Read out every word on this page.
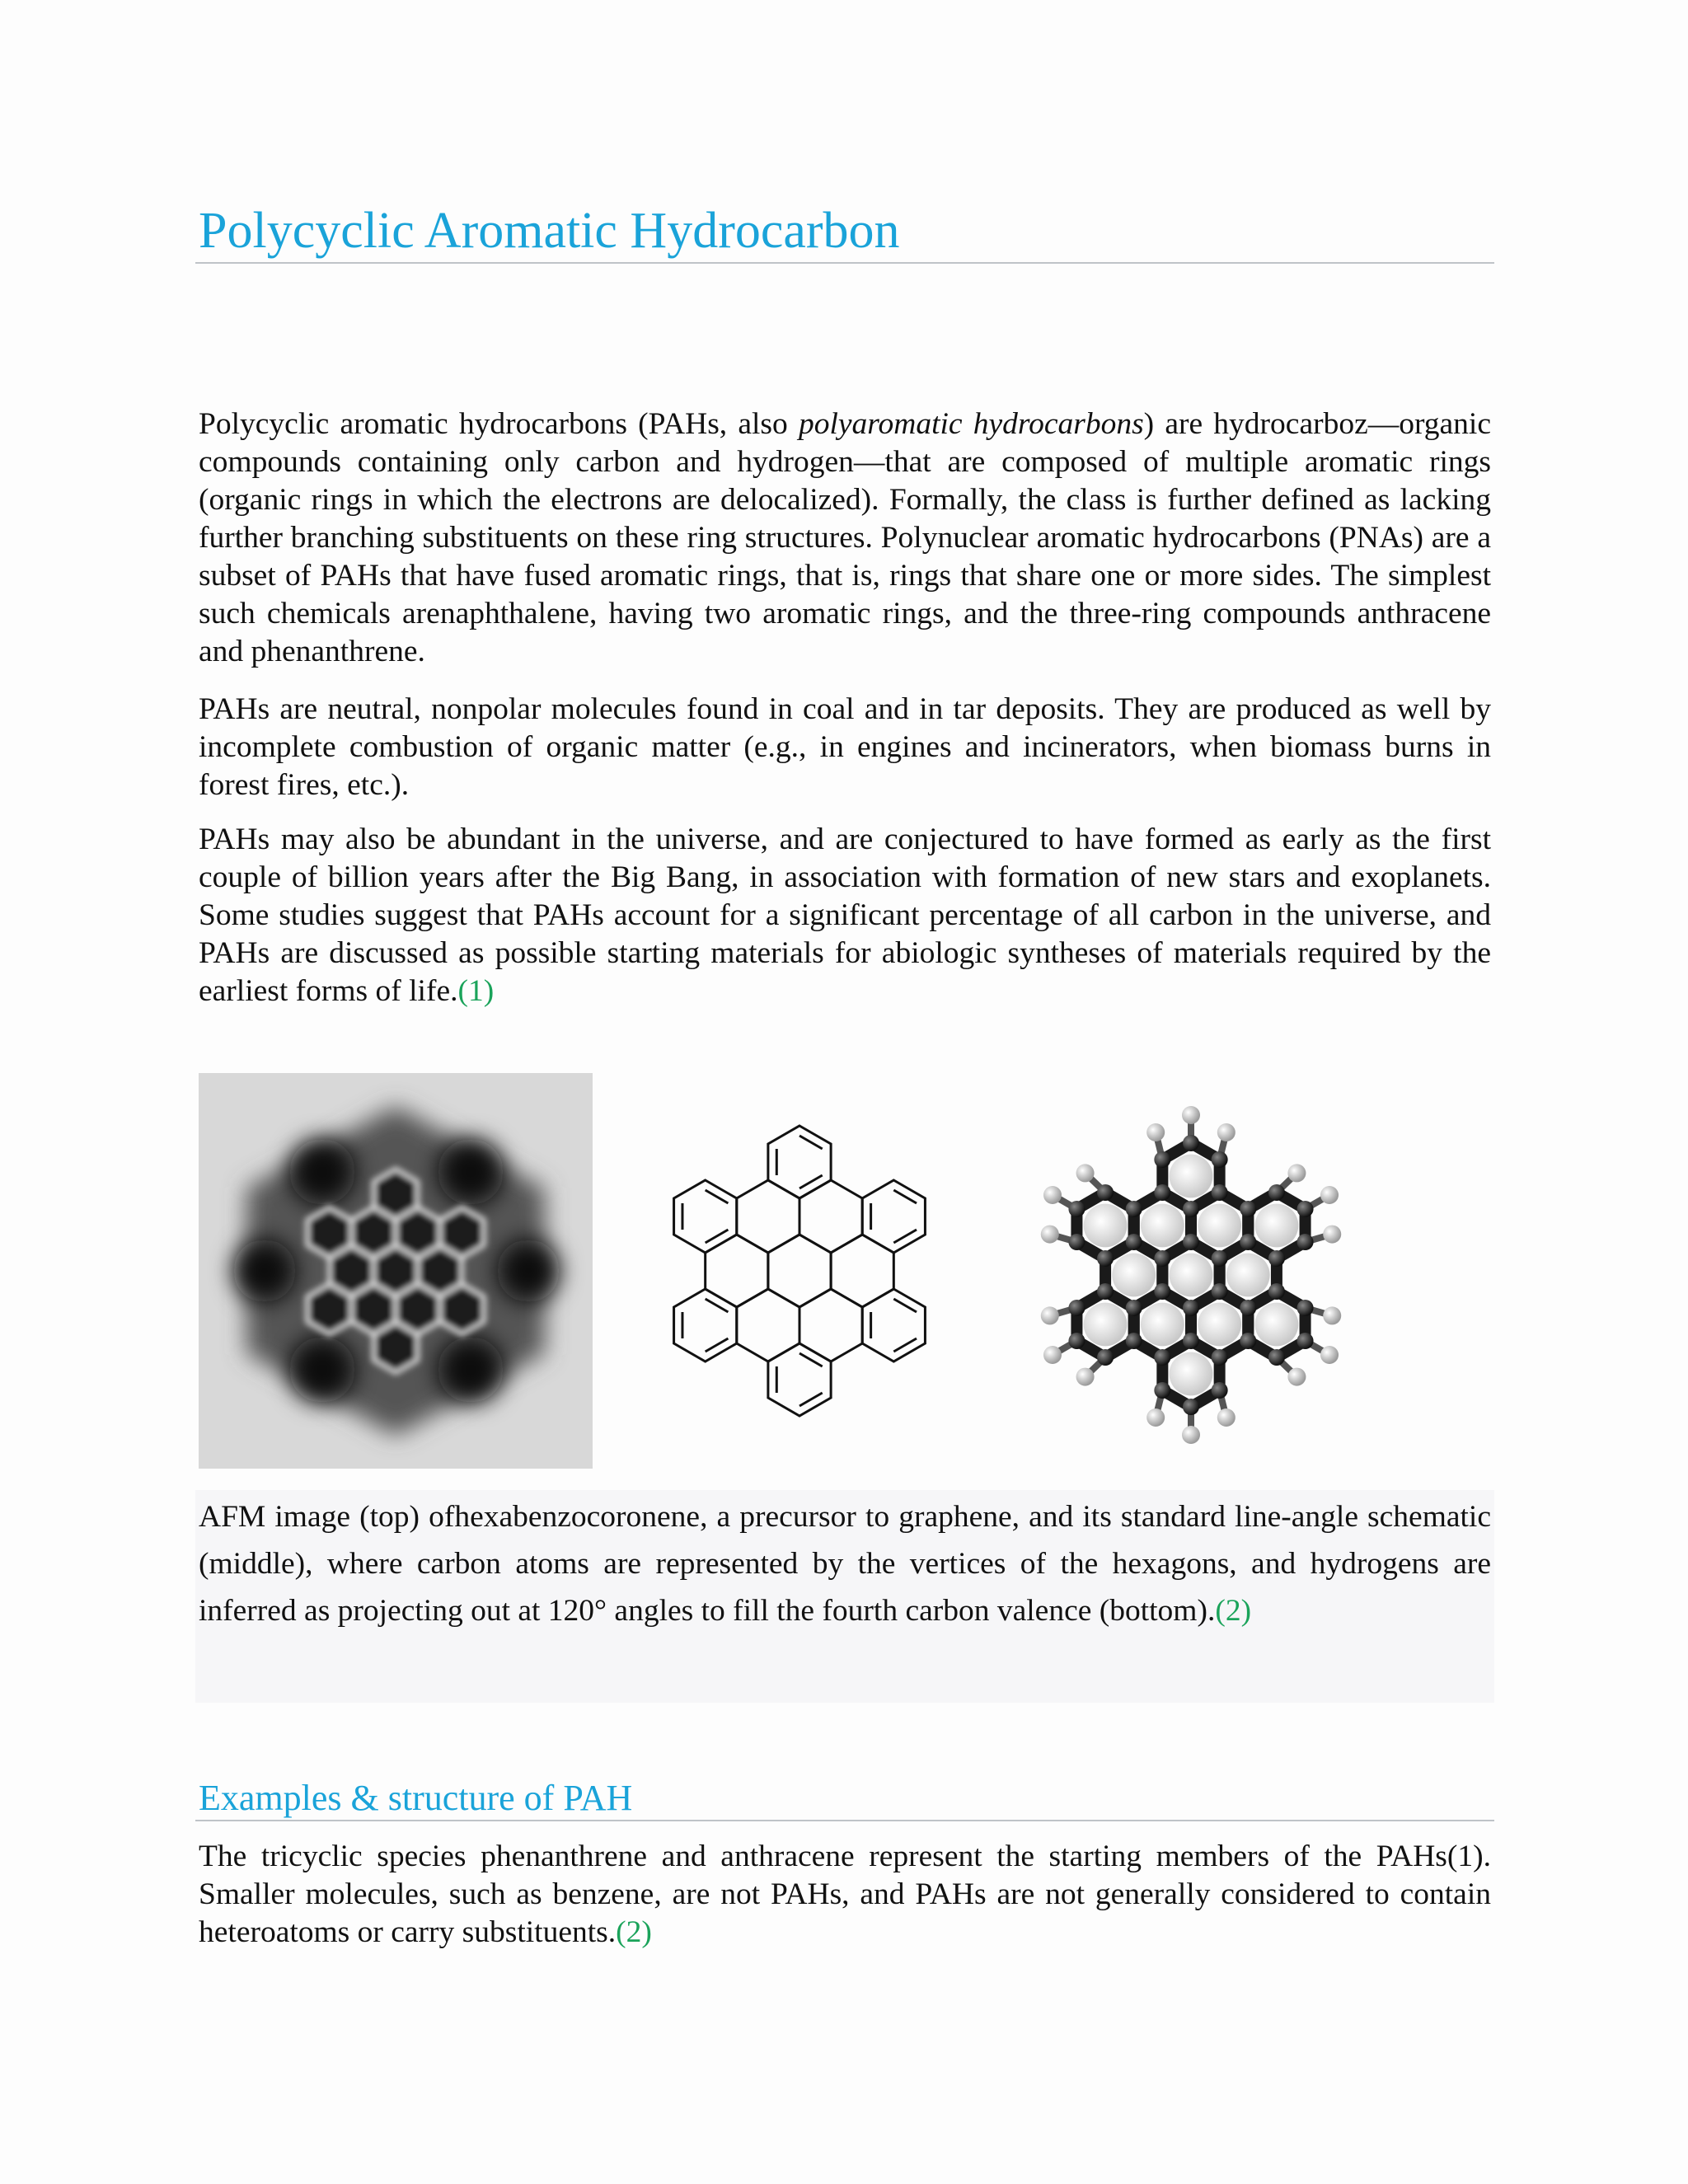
Polycyclic Aromatic Hydrocarbon

Polycyclic aromatic hydrocarbons (PAHs, also polyaromatic hydrocarbons) are hydrocarboz—organic compounds containing only carbon and hydrogen—that are composed of multiple aromatic rings (organic rings in which the electrons are delocalized). Formally, the class is further defined as lacking further branching substituents on these ring structures. Polynuclear aromatic hydrocarbons (PNAs) are a subset of PAHs that have fused aromatic rings, that is, rings that share one or more sides. The simplest such chemicals arenaphthalene, having two aromatic rings, and the three-ring compounds anthracene and phenanthrene.

PAHs are neutral, nonpolar molecules found in coal and in tar deposits. They are produced as well by incomplete combustion of organic matter (e.g., in engines and incinerators, when biomass burns in forest fires, etc.).

PAHs may also be abundant in the universe, and are conjectured to have formed as early as the first couple of billion years after the Big Bang, in association with formation of new stars and exoplanets. Some studies suggest that PAHs account for a significant percentage of all carbon in the universe, and PAHs are discussed as possible starting materials for abiologic syntheses of materials required by the earliest forms of life.(1)

AFM image (top) ofhexabenzocoronene, a precursor to graphene, and its standard line-angle schematic (middle), where carbon atoms are represented by the vertices of the hexagons, and hydrogens are inferred as projecting out at 120° angles to fill the fourth carbon valence (bottom).(2)

Examples & structure of PAH

The tricyclic species phenanthrene and anthracene represent the starting members of the PAHs(1). Smaller molecules, such as benzene, are not PAHs, and PAHs are not generally considered to contain heteroatoms or carry substituents.(2)
